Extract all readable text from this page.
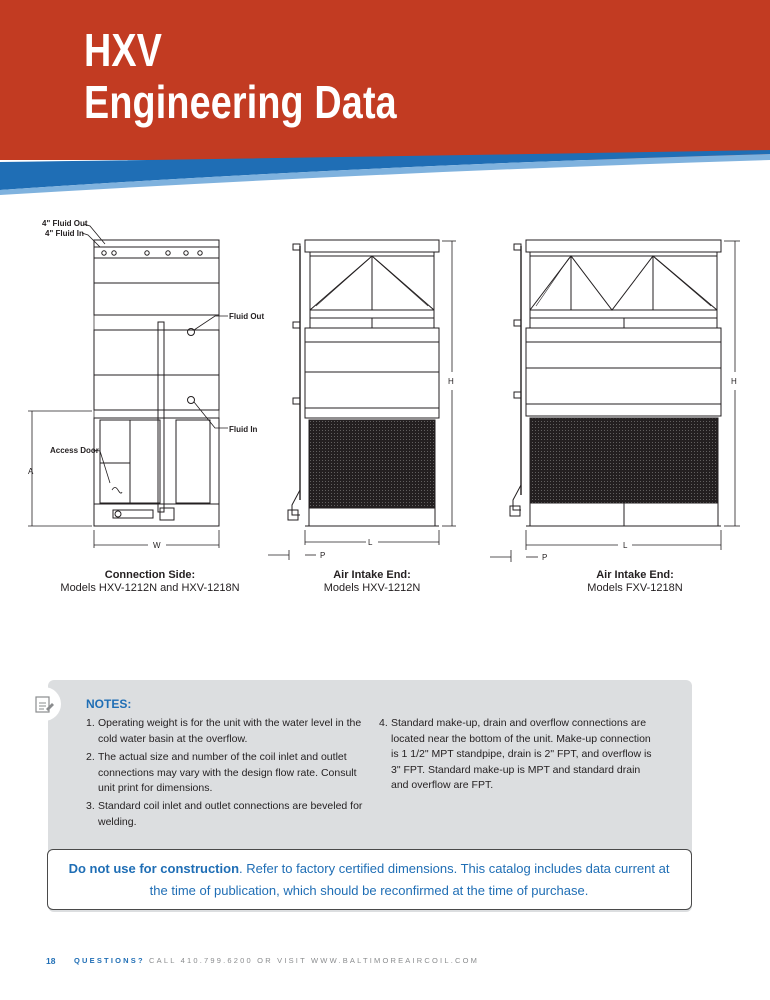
HXV
Engineering Data
4" Fluid Out
4" Fluid In
Fluid Out
Fluid In
Access Door
A
W
H
L
P
H
L
P
Connection Side:
Models HXV-1212N and HXV-1218N
Air Intake End:
Models HXV-1212N
Air Intake End:
Models FXV-1218N
NOTES:
1. Operating weight is for the unit with the water level in the cold water basin at the overflow.
2. The actual size and number of the coil inlet and outlet connections may vary with the design flow rate. Consult unit print for dimensions.
3. Standard coil inlet and outlet connections are beveled for welding.
4. Standard make-up, drain and overflow connections are located near the bottom of the unit. Make-up connection is 1 1/2" MPT standpipe, drain is 2" FPT, and overflow is 3" FPT. Standard make-up is MPT and standard drain and overflow are FPT.
Do not use for construction. Refer to factory certified dimensions. This catalog includes data current at the time of publication, which should be reconfirmed at the time of purchase.
18 QUESTIONS? CALL 410.799.6200 OR VISIT WWW.BALTIMOREAIRCOIL.COM
